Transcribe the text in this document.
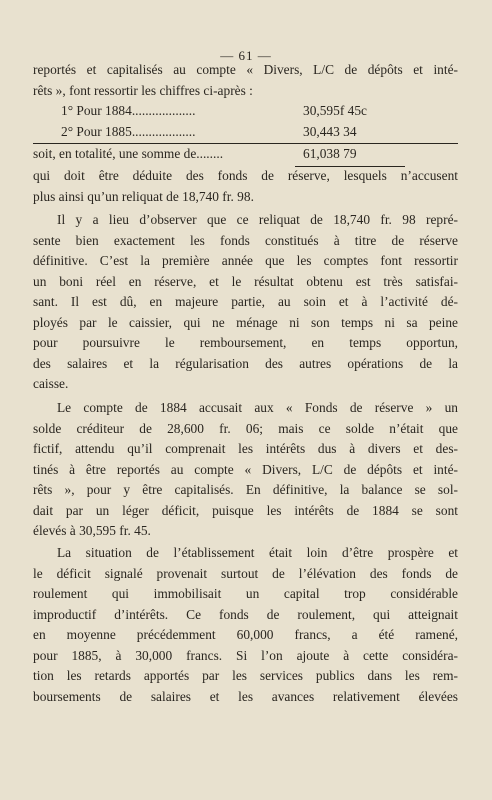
— 61 —
reportés et capitalisés au compte « Divers, L/C de dépôts et inté-
rêts », font ressortir les chiffres ci-après :
1° Pour 1884...................	30,595f 45c
2° Pour 1885...................	30,443 34
soit, en totalité, une somme de........	61,038 79
qui doit être déduite des fonds de réserve, lesquels n’accusent
plus ainsi qu’un reliquat de 18,740 fr. 98.
Il y a lieu d’observer que ce reliquat de 18,740 fr. 98 repré-
sente bien exactement les fonds constitués à titre de réserve
définitive. C’est la première année que les comptes font ressortir
un boni réel en réserve, et le résultat obtenu est très satisfai-
sant. Il est dû, en majeure partie, au soin et à l’activité dé-
ployés par le caissier, qui ne ménage ni son temps ni sa peine
pour poursuivre le remboursement, en temps opportun,
des salaires et la régularisation des autres opérations de la
caisse.
Le compte de 1884 accusait aux « Fonds de réserve » un
solde créditeur de 28,600 fr. 06; mais ce solde n’était que
fictif, attendu qu’il comprenait les intérêts dus à divers et des-
tinés à être reportés au compte « Divers, L/C de dépôts et inté-
rêts », pour y être capitalisés. En définitive, la balance se sol-
dait par un léger déficit, puisque les intérêts de 1884 se sont
élevés à 30,595 fr. 45.
La situation de l’établissement était loin d’être prospère et
le déficit signalé provenait surtout de l’élévation des fonds de
roulement qui immobilisait un capital trop considérable
improductif d’intérêts. Ce fonds de roulement, qui atteignait
en moyenne précédemment 60,000 francs, a été ramené,
pour 1885, à 30,000 francs. Si l’on ajoute à cette considéra-
tion les retards apportés par les services publics dans les rem-
boursements de salaires et les avances relativement élevées
